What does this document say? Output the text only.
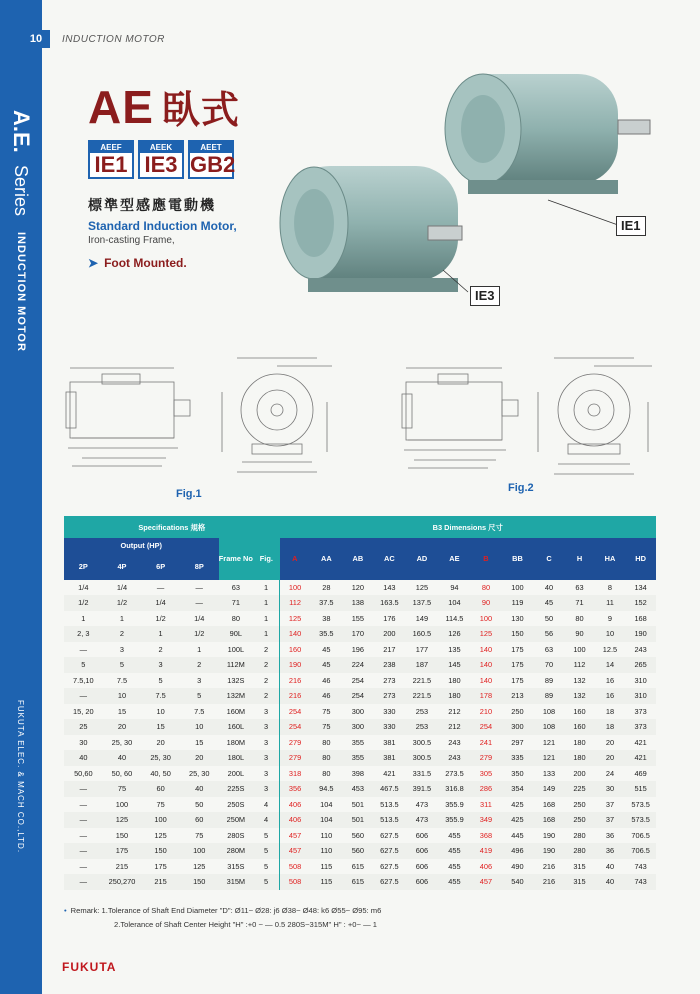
10	INDUCTION MOTOR
A.E. Series INDUCTION MOTOR
FUKUTA ELEC. & MACH CO.,LTD.
AE 臥式
AEEF
IE1
AEEK
IE3
AEET
GB2
標準型感應電動機
Standard Induction Motor,
Iron-casting Frame,
➤ Foot Mounted.
IE1
IE3
Fig.1	Fig.2
Specifications 規格						B3 Dimensions 尺寸											
Output (HP)				Frame No	Fig.	A	AA	AB	AC	AD	AE	B	BB	C	H	HA	HD
2P	4P	6P	8P														
1/4	1/4	—	—	63	1	100	28	120	143	125	94	80	100	40	63	8	134
1/2	1/2	1/4	—	71	1	112	37.5	138	163.5	137.5	104	90	119	45	71	11	152
1	1	1/2	1/4	80	1	125	38	155	176	149	114.5	100	130	50	80	9	168
2, 3	2	1	1/2	90L	1	140	35.5	170	200	160.5	126	125	150	56	90	10	190
—	3	2	1	100L	2	160	45	196	217	177	135	140	175	63	100	12.5	243
5	5	3	2	112M	2	190	45	224	238	187	145	140	175	70	112	14	265
7.5,10	7.5	5	3	132S	2	216	46	254	273	221.5	180	140	175	89	132	16	310
—	10	7.5	5	132M	2	216	46	254	273	221.5	180	178	213	89	132	16	310
15, 20	15	10	7.5	160M	3	254	75	300	330	253	212	210	250	108	160	18	373
25	20	15	10	160L	3	254	75	300	330	253	212	254	300	108	160	18	373
30	25, 30	20	15	180M	3	279	80	355	381	300.5	243	241	297	121	180	20	421
40	40	25, 30	20	180L	3	279	80	355	381	300.5	243	279	335	121	180	20	421
50,60	50, 60	40, 50	25, 30	200L	3	318	80	398	421	331.5	273.5	305	350	133	200	24	469
—	75	60	40	225S	3	356	94.5	453	467.5	391.5	316.8	286	354	149	225	30	515
—	100	75	50	250S	4	406	104	501	513.5	473	355.9	311	425	168	250	37	573.5
—	125	100	60	250M	4	406	104	501	513.5	473	355.9	349	425	168	250	37	573.5
—	150	125	75	280S	5	457	110	560	627.5	606	455	368	445	190	280	36	706.5
—	175	150	100	280M	5	457	110	560	627.5	606	455	419	496	190	280	36	706.5
—	215	175	125	315S	5	508	115	615	627.5	606	455	406	490	216	315	40	743
—	250,270	215	150	315M	5	508	115	615	627.5	606	455	457	540	216	315	40	743
• Remark: 1.Tolerance of Shaft End Diameter "D": Ø11~ Ø28: j6 Ø38~ Ø48: k6 Ø55~ Ø95: m6
2.Tolerance of Shaft Center Height "H" :+0 ~ — 0.5 280S~315M" H" : +0~ — 1
FUKUTA
